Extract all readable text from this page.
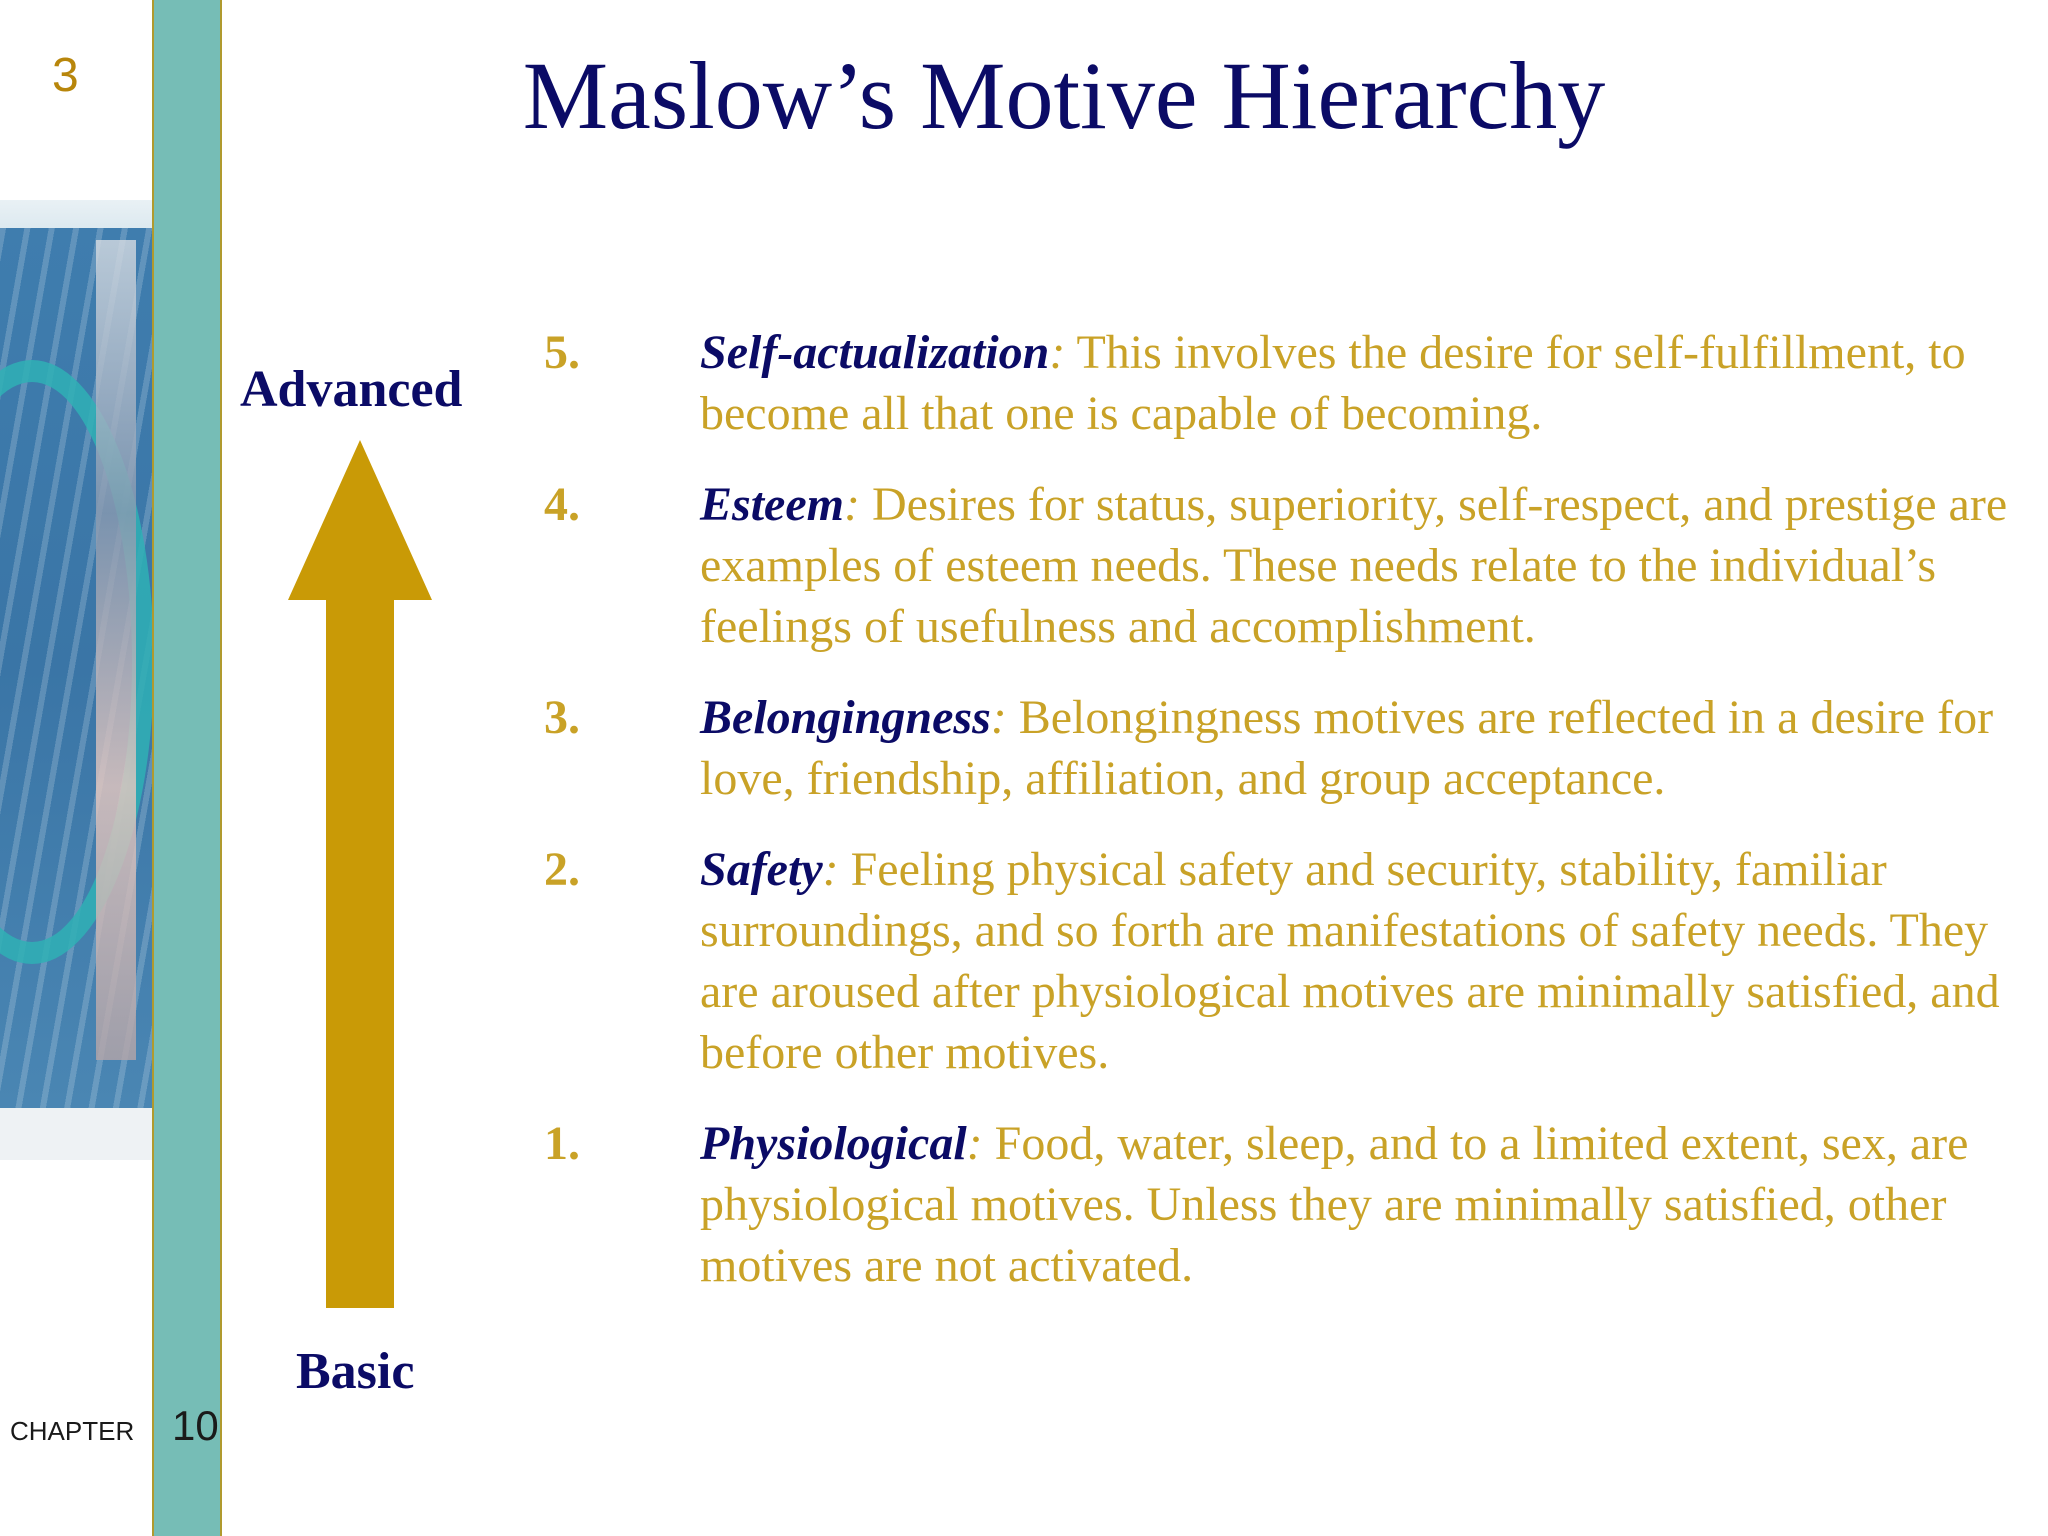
3
CHAPTER 10
Maslow’s Motive Hierarchy
Advanced
Basic
5.	Self-actualization: This involves the desire for self-fulfillment, to become all that one is capable of becoming.
4.	Esteem: Desires for status, superiority, self-respect, and prestige are examples of esteem needs. These needs relate to the individual’s feelings of usefulness and accomplishment.
3.	Belongingness: Belongingness motives are reflected in a desire for love, friendship, affiliation, and group acceptance.
2.	Safety: Feeling physical safety and security, stability, familiar surroundings, and so forth are manifestations of safety needs. They are aroused after physiological motives are minimally satisfied, and before other motives.
1.	Physiological: Food, water, sleep, and to a limited extent, sex, are physiological motives. Unless they are minimally satisfied, other motives are not activated.
